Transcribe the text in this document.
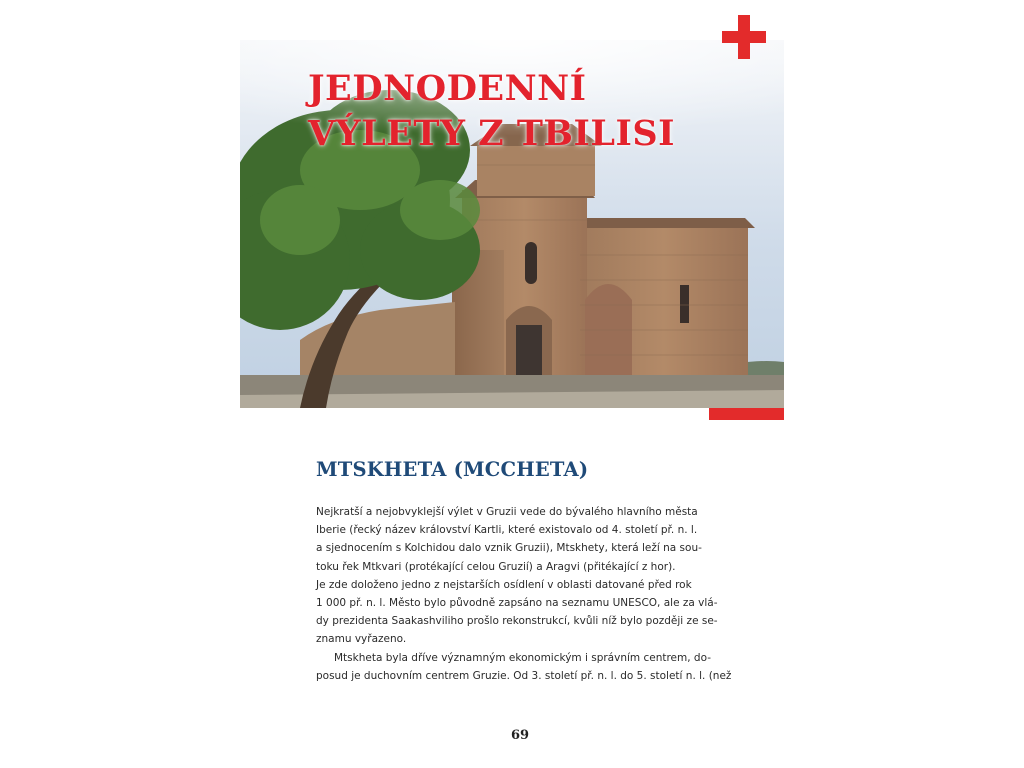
JEDNODENNÍ
VÝLETY Z TBILISI
MTSKHETA (MCCHETA)

Nejkratší a nejobvyklejší výlet v Gruzii vede do bývalého hlavního města

Iberie (řecký název království Kartli, které existovalo od 4. století př. n. l.

a sjednocením s Kolchidou dalo vznik Gruzii), Mtskhety, která leží na sou-

toku řek Mtkvari (protékající celou Gruzií) a Aragvi (přitékající z hor).

Je zde doloženo jedno z nejstarších osídlení v oblasti datované před rok

1 000 př. n. l. Město bylo původně zapsáno na seznamu UNESCO, ale za vlá-

dy prezidenta Saakashviliho prošlo rekonstrukcí, kvůli níž bylo později ze se-

znamu vyřazeno.

Mtskheta byla dříve významným ekonomickým i správním centrem, do-

posud je duchovním centrem Gruzie. Od 3. století př. n. l. do 5. století n. l. (než

69
